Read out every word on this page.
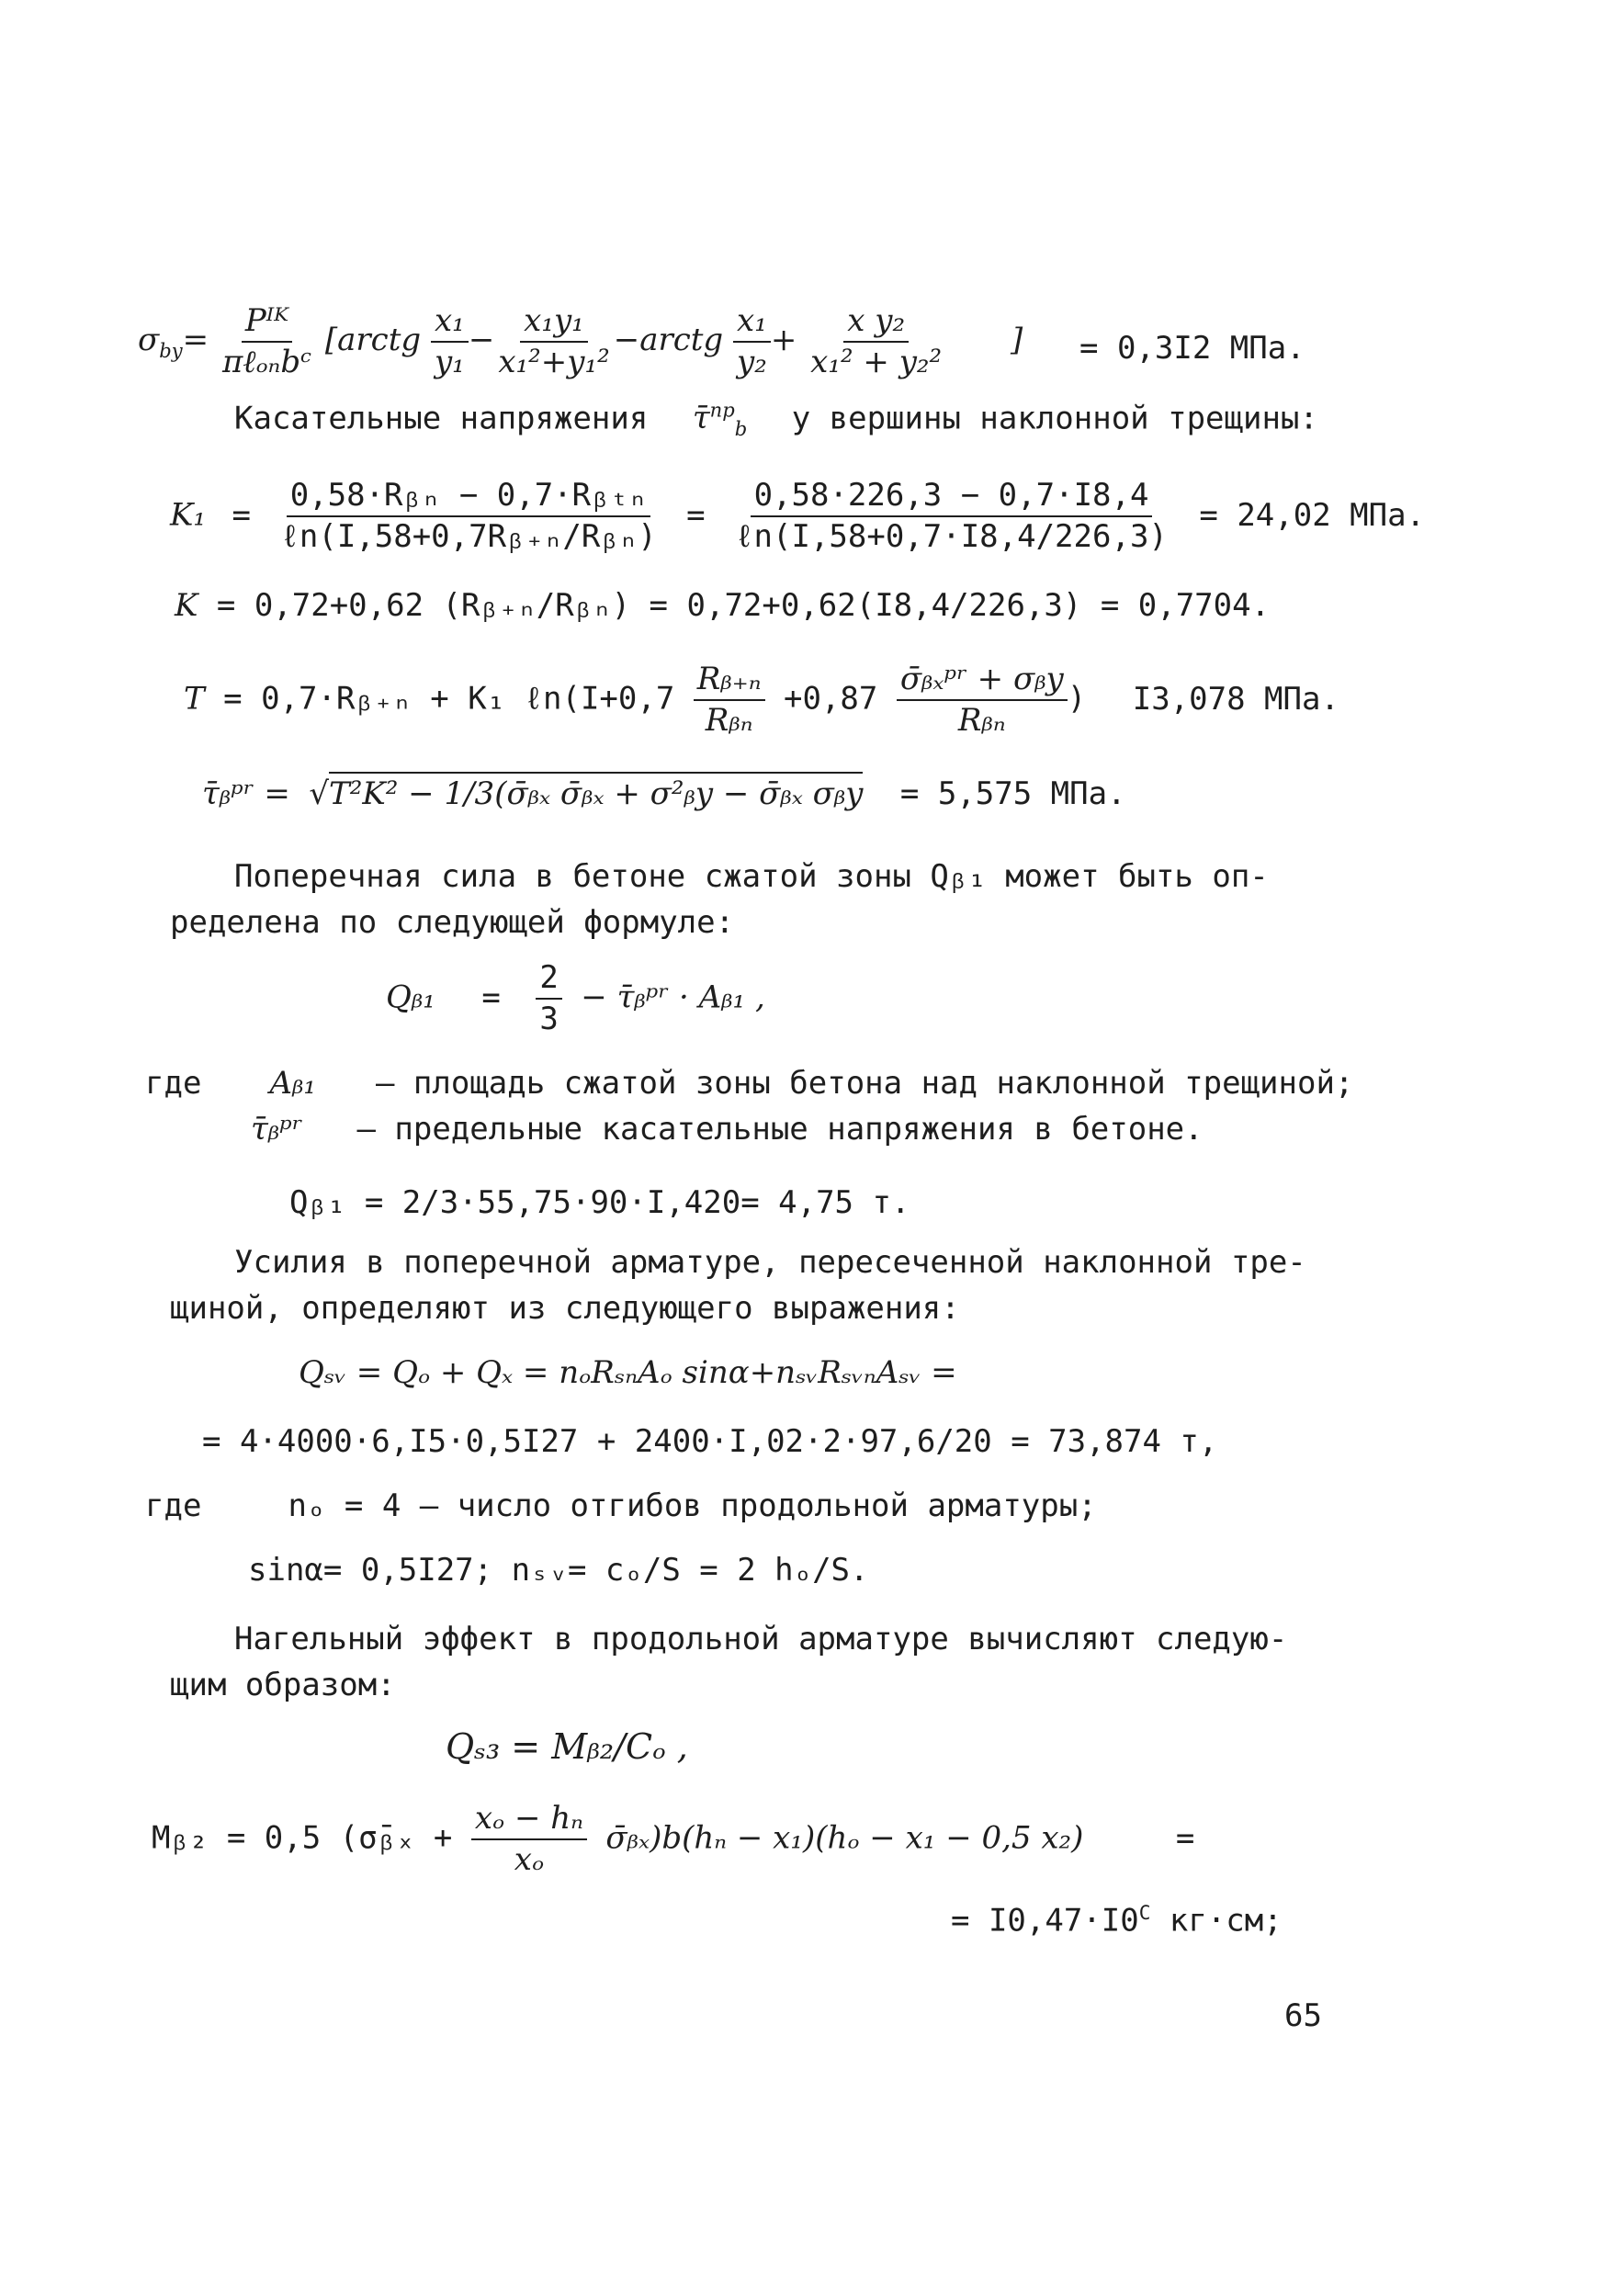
$\sigma_{by}= \frac{\text{Pᴵᴷ}}{\text{πℓₒₙbᶜ}}$ [arctg $\frac{\text{x₁}}{\text{y₁}} - \frac{\text{x₁y₁}}{\text{x₁²+y₁²}}$ −arctg $\frac{\text{x₁}}{\text{y₂}} + \frac{\text{x y₂}}{\text{x₁² + y₂²}}$ ] = 0,3I2 МПа.
Касательные напряжения τ̄$^{пр}_b$ у вершины наклонной трещины:
$K_1 = \frac{\text{0,58·Rᵦₙ − 0,7·Rᵦₜₙ}}{\text{ℓn(I,58+0,7Rᵦ₊ₙ/Rᵦₙ)}} = \frac{0,58\cdot 226,3 - 0,7\cdot I8,4}{\text{ℓn(I,58+0,7·I8,4/226,3)}} = 24,02$ МПа.
K = 0,72+0,62 (Rᵦ₊ₙ/Rᵦₙ) = 0,72+0,62(I8,4/226,3) = 0,7704.
T = 0,7·Rᵦ₊ₙ + K₁ ℓn(I+0,7 $\frac{\text{Rᵦ₊ₙ}}{\text{Rᵦₙ}} +0,87 \frac{\text{σ̄ᵦₓᵖʳ + σᵦy}}{\text{Rᵦₙ}}$ ) I3,078 МПа.
τ̄ᵦᵖʳ = √T²K² − 1/3(σ̄ᵦₓ σ̄ᵦₓ + σ²ᵦy − σ̄ᵦₓ σᵦy = 5,575 МПа.
Поперечная сила в бетоне сжатой зоны Qᵦ₁ может быть оп-
ределена по следующей формуле:
Qᵦ₁ = $\frac{2}{3}$ − τ̄ᵦᵖʳ · Aᵦ₁ ,
где Aᵦ₁ – площадь сжатой зоны бетона над наклонной трещиной;
τ̄ᵦᵖʳ – предельные касательные напряжения в бетоне.
Qᵦ₁ = 2/3·55,75·90·I,420= 4,75 т.
Усилия в поперечной арматуре, пересеченной наклонной тре-
щиной, определяют из следующего выражения:
Qₛᵥ = Qₒ + Qₓ = nₒRₛₙAₒ sinα+nₛᵥRₛᵥₙAₛᵥ =
= 4·4000·6,I5·0,5I27 + 2400·I,02·2·97,6/20 = 73,874 т,
где	nₒ = 4 – число отгибов продольной арматуры;
sinα= 0,5I27; nₛᵥ= cₒ/S = 2 hₒ/S.
Нагельный эффект в продольной арматуре вычисляют следую-
щим образом:
Qₛ₃ = Mᵦ₂/Cₒ ,
Mᵦ₂ = 0,5 (σ̄ᵦₓ + $\frac{\text{xₒ − hₙ}}{\text{xₒ}}$ σ̄ᵦₓ)b(hₙ − x₁)(hₒ − x₁ − 0,5 x₂)	=
= $I0,47\cdot I0^C$ кг·см;
65
